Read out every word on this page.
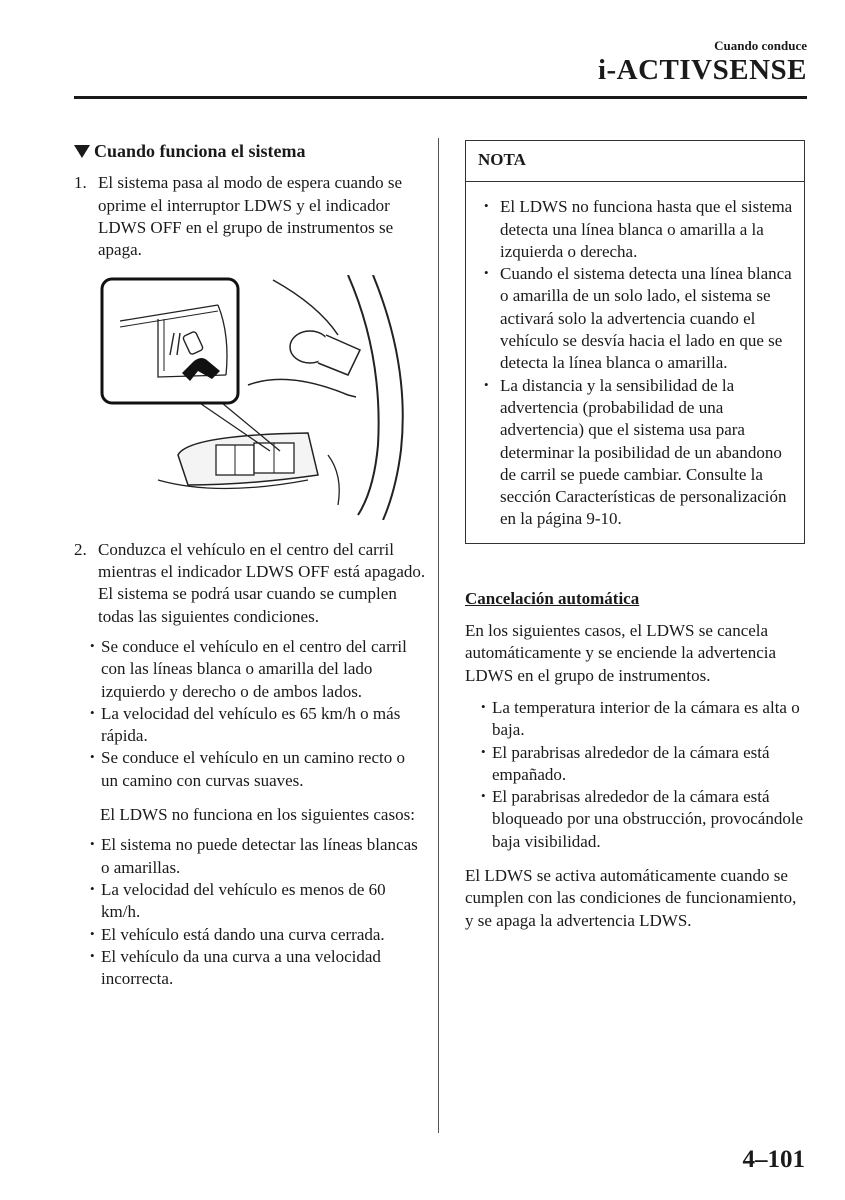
Cuando conduce
i-ACTIVSENSE
Cuando funciona el sistema
1. El sistema pasa al modo de espera cuando se oprime el interruptor LDWS y el indicador LDWS OFF en el grupo de instrumentos se apaga.
2. Conduzca el vehículo en el centro del carril mientras el indicador LDWS OFF está apagado. El sistema se podrá usar cuando se cumplen todas las siguientes condiciones.
• Se conduce el vehículo en el centro del carril con las líneas blanca o amarilla del lado izquierdo y derecho o de ambos lados.
• La velocidad del vehículo es 65 km/h o más rápida.
• Se conduce el vehículo en un camino recto o un camino con curvas suaves.

El LDWS no funciona en los siguientes casos:

• El sistema no puede detectar las líneas blancas o amarillas.
• La velocidad del vehículo es menos de 60 km/h.
• El vehículo está dando una curva cerrada.
• El vehículo da una curva a una velocidad incorrecta.
NOTA
• El LDWS no funciona hasta que el sistema detecta una línea blanca o amarilla a la izquierda o derecha.
• Cuando el sistema detecta una línea blanca o amarilla de un solo lado, el sistema se activará solo la advertencia cuando el vehículo se desvía hacia el lado en que se detecta la línea blanca o amarilla.
• La distancia y la sensibilidad de la advertencia (probabilidad de una advertencia) que el sistema usa para determinar la posibilidad de un abandono de carril se puede cambiar. Consulte la sección Características de personalización en la página 9-10.
Cancelación automática

En los siguientes casos, el LDWS se cancela automáticamente y se enciende la advertencia LDWS en el grupo de instrumentos.

• La temperatura interior de la cámara es alta o baja.
• El parabrisas alrededor de la cámara está empañado.
• El parabrisas alrededor de la cámara está bloqueado por una obstrucción, provocándole baja visibilidad.

El LDWS se activa automáticamente cuando se cumplen con las condiciones de funcionamiento, y se apaga la advertencia LDWS.

4–101
